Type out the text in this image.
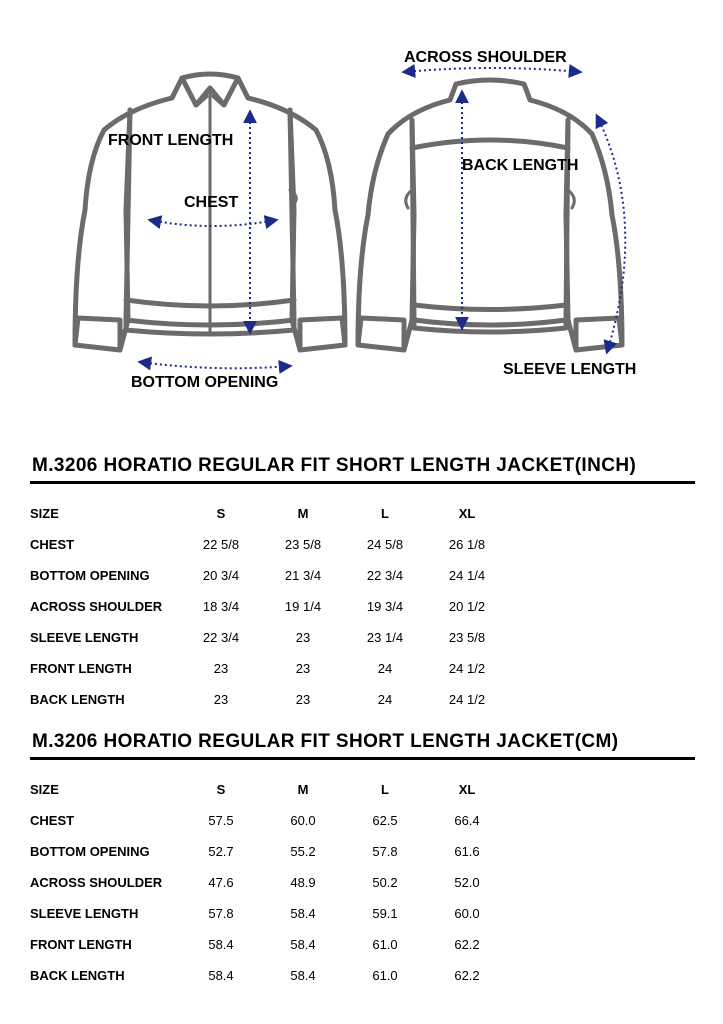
FRONT LENGTH
CHEST
BOTTOM OPENING
ACROSS SHOULDER
BACK LENGTH
SLEEVE LENGTH
M.3206 HORATIO REGULAR FIT SHORT LENGTH JACKET(INCH)
SIZE	S	M	L	XL
CHEST	22 5/8	23 5/8	24 5/8	26 1/8
BOTTOM OPENING	20 3/4	21 3/4	22 3/4	24 1/4
ACROSS SHOULDER	18 3/4	19 1/4	19 3/4	20 1/2
SLEEVE LENGTH	22 3/4	23	23 1/4	23 5/8
FRONT LENGTH	23	23	24	24 1/2
BACK LENGTH	23	23	24	24 1/2
M.3206 HORATIO REGULAR FIT SHORT LENGTH JACKET(CM)
SIZE	S	M	L	XL
CHEST	57.5	60.0	62.5	66.4
BOTTOM OPENING	52.7	55.2	57.8	61.6
ACROSS SHOULDER	47.6	48.9	50.2	52.0
SLEEVE LENGTH	57.8	58.4	59.1	60.0
FRONT LENGTH	58.4	58.4	61.0	62.2
BACK LENGTH	58.4	58.4	61.0	62.2
